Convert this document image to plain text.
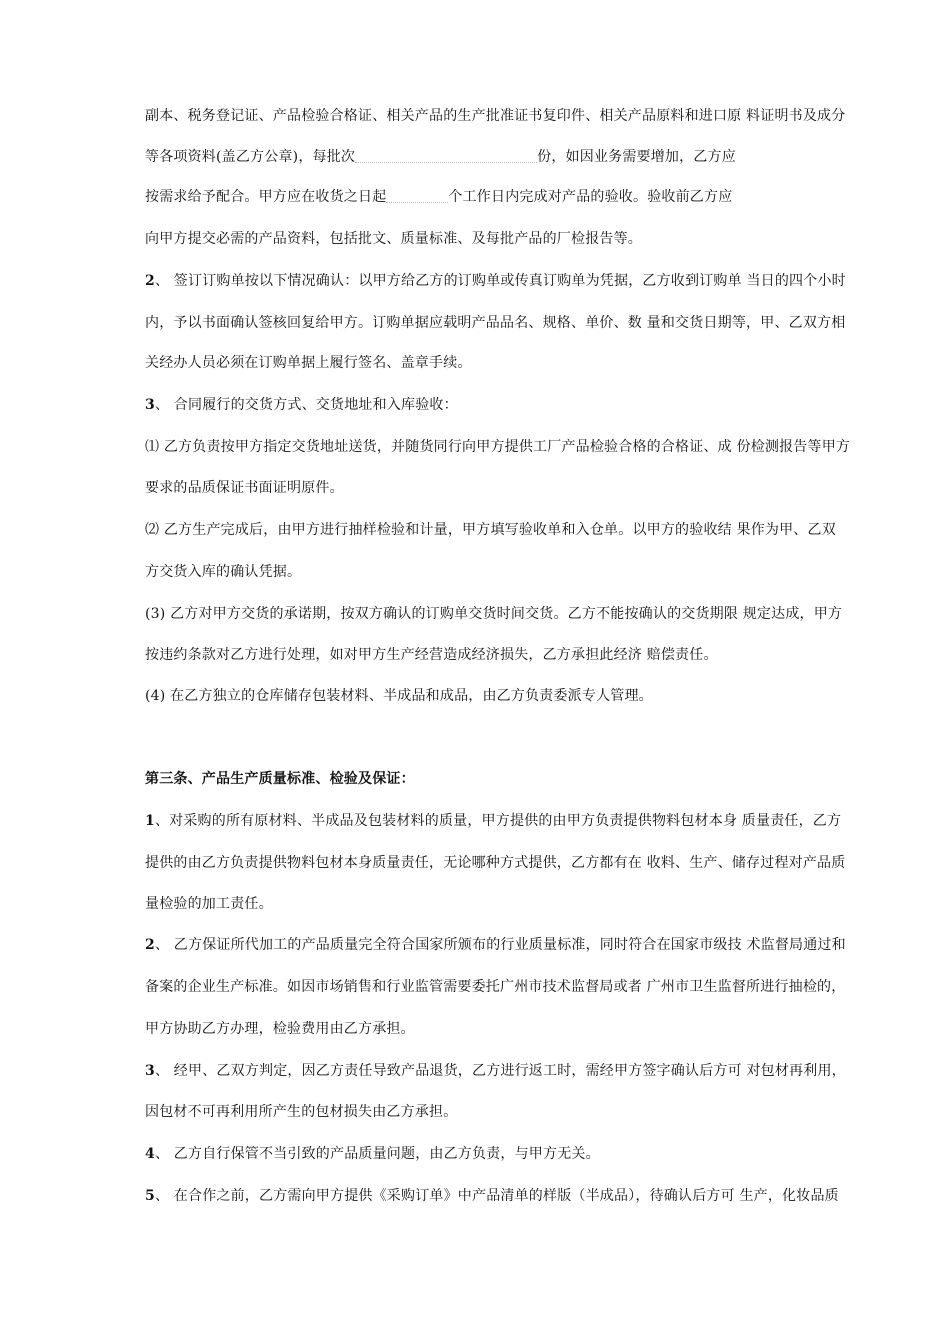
副本、税务登记证、产品检验合格证、相关产品的生产批准证书复印件、相关产品原料和进口原 料证明书及成分
等各项资料(盖乙方公章)，每批次	份，如因业务需要增加，乙方应
按需求给予配合。甲方应在收货之日起	个工作日内完成对产品的验收。验收前乙方应
向甲方提交必需的产品资料，包括批文、质量标准、及每批产品的厂检报告等。
2、 签订订购单按以下情况确认：以甲方给乙方的订购单或传真订购单为凭据，乙方收到订购单 当日的四个小时
内，予以书面确认签核回复给甲方。订购单据应载明产品品名、规格、单价、数 量和交货日期等，甲、乙双方相
关经办人员必须在订购单据上履行签名、盖章手续。
3、 合同履行的交货方式、交货地址和入库验收：
⑴ 乙方负责按甲方指定交货地址送货，并随货同行向甲方提供工厂产品检验合格的合格证、成 份检测报告等甲方
要求的品质保证书面证明原件。
⑵ 乙方生产完成后，由甲方进行抽样检验和计量，甲方填写验收单和入仓单。以甲方的验收结 果作为甲、乙双
方交货入库的确认凭据。
(3) 乙方对甲方交货的承诺期，按双方确认的订购单交货时间交货。乙方不能按确认的交货期限 规定达成，甲方
按违约条款对乙方进行处理，如对甲方生产经营造成经济损失，乙方承担此经济 赔偿责任。
(4) 在乙方独立的仓库储存包装材料、半成品和成品，由乙方负责委派专人管理。
第三条、产品生产质量标准、检验及保证：
1、对采购的所有原材料、半成品及包装材料的质量，甲方提供的由甲方负责提供物料包材本身 质量责任，乙方
提供的由乙方负责提供物料包材本身质量责任，无论哪种方式提供，乙方都有在 收料、生产、储存过程对产品质
量检验的加工责任。
2、 乙方保证所代加工的产品质量完全符合国家所颁布的行业质量标准，同时符合在国家市级技 术监督局通过和
备案的企业生产标准。如因市场销售和行业监管需要委托广州市技术监督局或者 广州市卫生监督所进行抽检的，
甲方协助乙方办理，检验费用由乙方承担。
3、 经甲、乙双方判定，因乙方责任导致产品退货，乙方进行返工时，需经甲方签字确认后方可 对包材再利用，
因包材不可再利用所产生的包材损失由乙方承担。
4、 乙方自行保管不当引致的产品质量问题，由乙方负责，与甲方无关。
5、 在合作之前，乙方需向甲方提供《采购订单》中产品清单的样版（半成品），待确认后方可 生产，化妆品质
